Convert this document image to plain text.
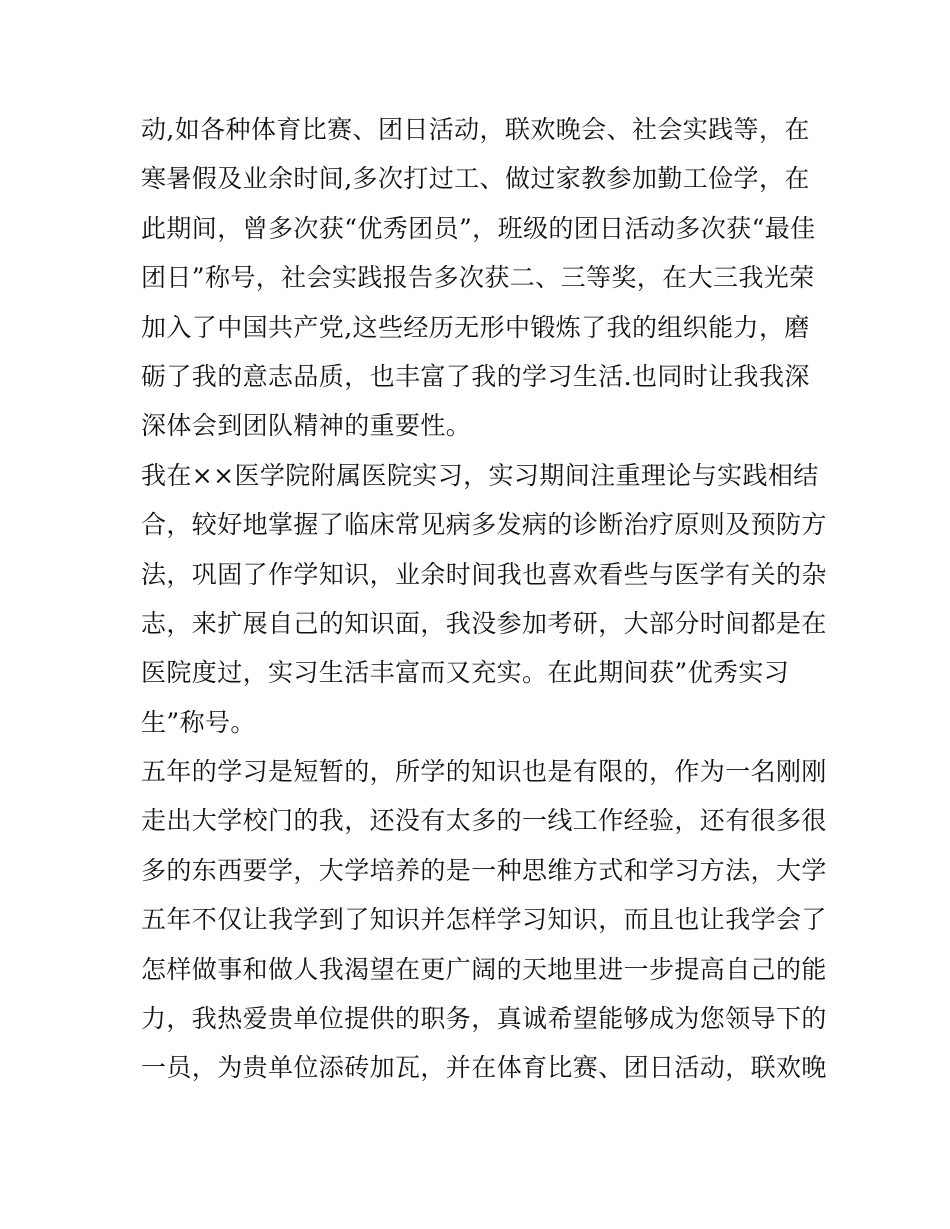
动,如各种体育比赛、团日活动，联欢晚会、社会实践等，在
寒暑假及业余时间,多次打过工、做过家教参加勤工俭学，在
此期间，曾多次获“优秀团员”，班级的团日活动多次获“最佳
团日”称号，社会实践报告多次获二、三等奖，在大三我光荣
加入了中国共产党,这些经历无形中锻炼了我的组织能力，磨
砺了我的意志品质，也丰富了我的学习生活.也同时让我我深
深体会到团队精神的重要性。
我在××医学院附属医院实习，实习期间注重理论与实践相结
合，较好地掌握了临床常见病多发病的诊断治疗原则及预防方
法，巩固了作学知识，业余时间我也喜欢看些与医学有关的杂
志，来扩展自己的知识面，我没参加考研，大部分时间都是在
医院度过，实习生活丰富而又充实。在此期间获”优秀实习
生”称号。
五年的学习是短暂的，所学的知识也是有限的，作为一名刚刚
走出大学校门的我，还没有太多的一线工作经验，还有很多很
多的东西要学，大学培养的是一种思维方式和学习方法，大学
五年不仅让我学到了知识并怎样学习知识，而且也让我学会了
怎样做事和做人我渴望在更广阔的天地里进一步提高自己的能
力，我热爱贵单位提供的职务，真诚希望能够成为您领导下的
一员，为贵单位添砖加瓦，并在体育比赛、团日活动，联欢晚
